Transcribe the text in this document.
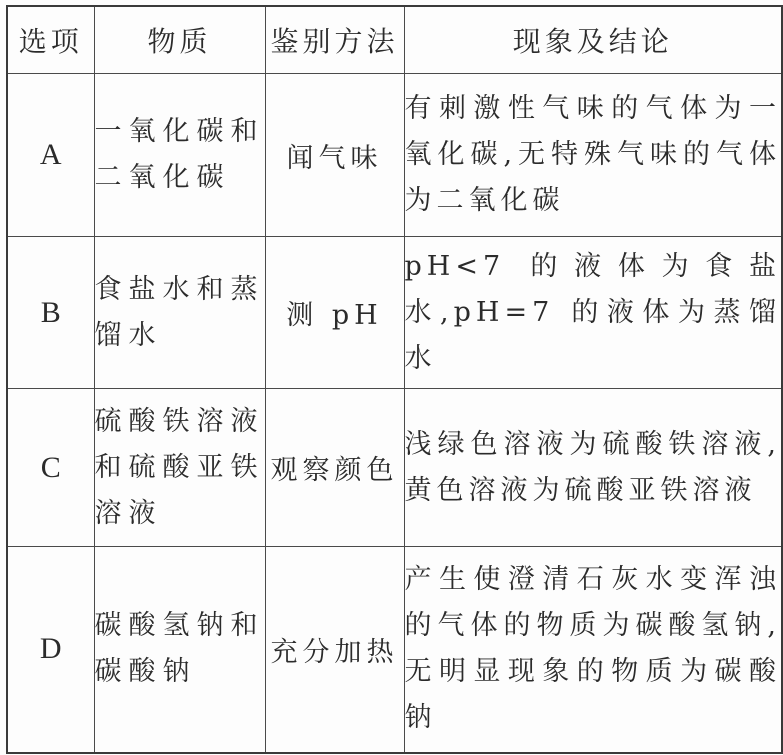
选项	物质	鉴别方法	现象及结论
A	一氧化碳和二氧化碳	闻气味	有刺激性气味的气体为一氧化碳,无特殊气味的气体为二氧化碳
B	食盐水和蒸馏水	测 pH	pH<7 的液体为食盐水,pH=7 的液体为蒸馏水
C	硫酸铁溶液和硫酸亚铁溶液	观察颜色	浅绿色溶液为硫酸铁溶液,黄色溶液为硫酸亚铁溶液
D	碳酸氢钠和碳酸钠	充分加热	产生使澄清石灰水变浑浊的气体的物质为碳酸氢钠,无明显现象的物质为碳酸钠
